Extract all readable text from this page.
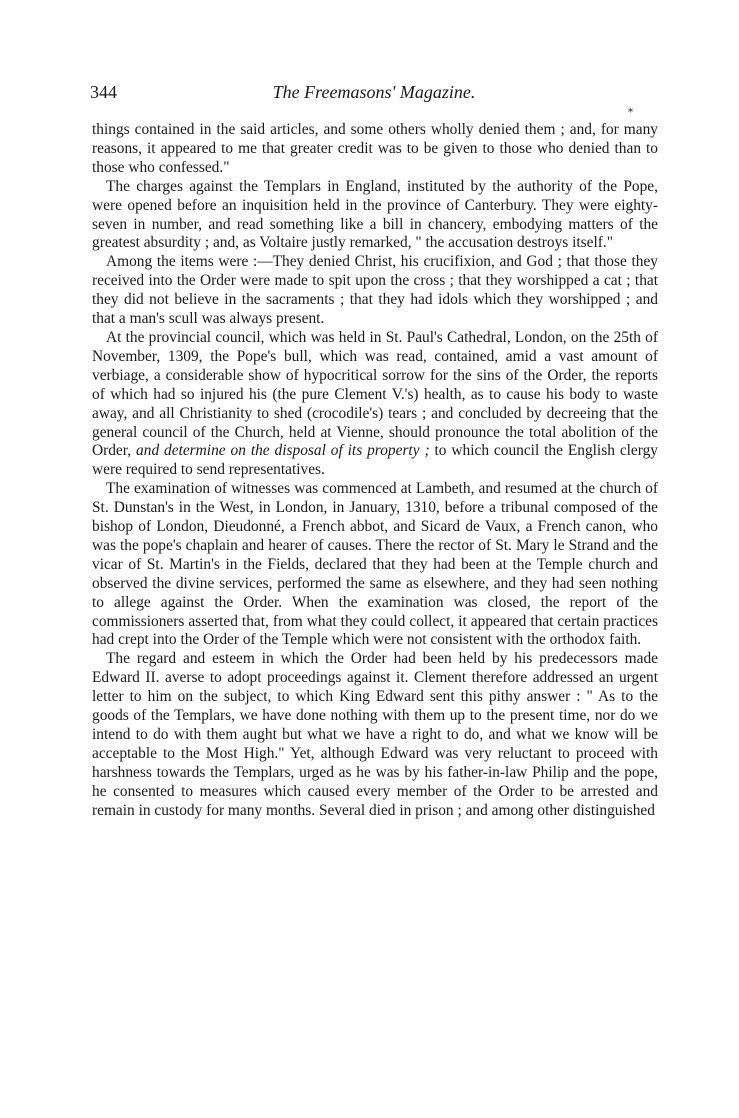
344	The Freemasons' Magazine.
⁎

things contained in the said articles, and some others wholly denied them ; and, for many reasons, it appeared to me that greater credit was to be given to those who denied than to those who confessed."

The charges against the Templars in England, instituted by the authority of the Pope, were opened before an inquisition held in the province of Canterbury. They were eighty-seven in number, and read something like a bill in chancery, embodying matters of the greatest absurdity ; and, as Voltaire justly remarked, " the accusation destroys itself."

Among the items were :—They denied Christ, his crucifixion, and God ; that those they received into the Order were made to spit upon the cross ; that they worshipped a cat ; that they did not believe in the sacraments ; that they had idols which they worshipped ; and that a man's scull was always present.

At the provincial council, which was held in St. Paul's Cathedral, London, on the 25th of November, 1309, the Pope's bull, which was read, contained, amid a vast amount of verbiage, a considerable show of hypocritical sorrow for the sins of the Order, the reports of which had so injured his (the pure Clement V.'s) health, as to cause his body to waste away, and all Christianity to shed (crocodile's) tears ; and concluded by decreeing that the general council of the Church, held at Vienne, should pronounce the total abolition of the Order, and determine on the disposal of its property ; to which council the English clergy were required to send representatives.

The examination of witnesses was commenced at Lambeth, and resumed at the church of St. Dunstan's in the West, in London, in January, 1310, before a tribunal composed of the bishop of London, Dieudonné, a French abbot, and Sicard de Vaux, a French canon, who was the pope's chaplain and hearer of causes. There the rector of St. Mary le Strand and the vicar of St. Martin's in the Fields, declared that they had been at the Temple church and observed the divine services, performed the same as elsewhere, and they had seen nothing to allege against the Order. When the examination was closed, the report of the commissioners asserted that, from what they could collect, it appeared that certain practices had crept into the Order of the Temple which were not consistent with the orthodox faith.

The regard and esteem in which the Order had been held by his predecessors made Edward II. averse to adopt proceedings against it. Clement therefore addressed an urgent letter to him on the subject, to which King Edward sent this pithy answer : " As to the goods of the Templars, we have done nothing with them up to the present time, nor do we intend to do with them aught but what we have a right to do, and what we know will be acceptable to the Most High." Yet, although Edward was very reluctant to proceed with harshness towards the Templars, urged as he was by his father-in-law Philip and the pope, he consented to measures which caused every member of the Order to be arrested and remain in custody for many months. Several died in prison ; and among other distinguished
